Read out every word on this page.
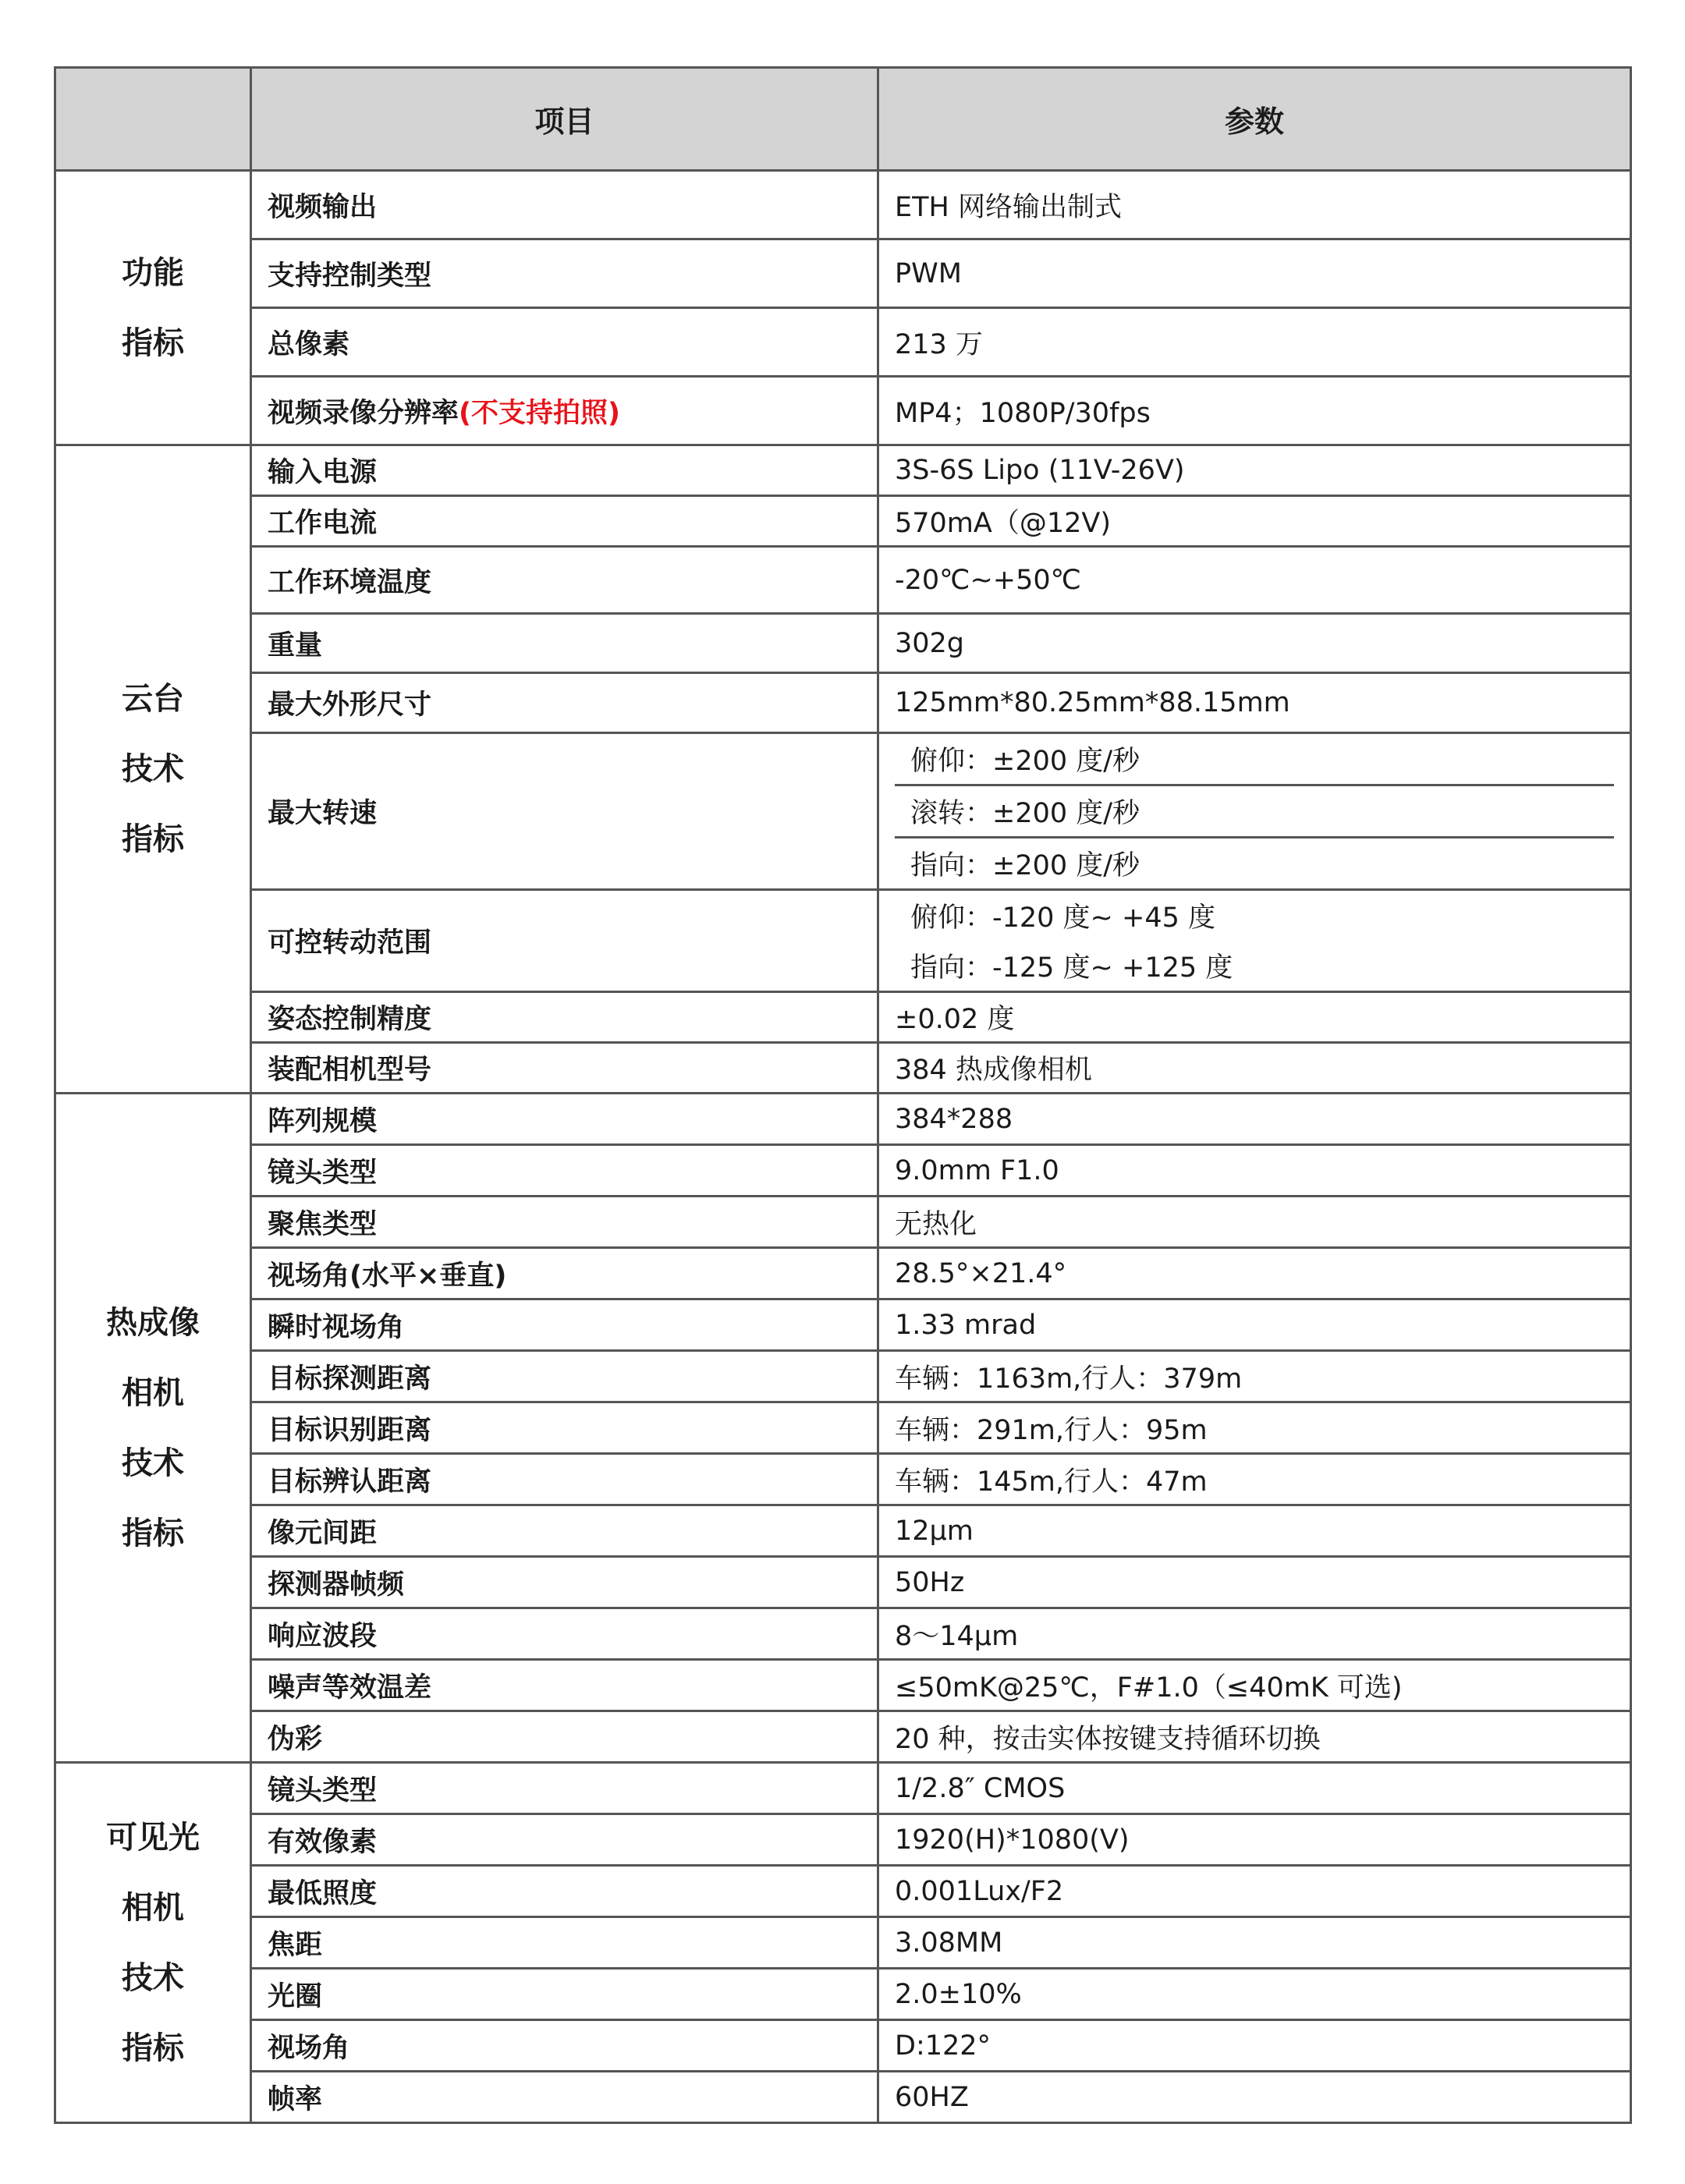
	项目	参数

功能
指标	视频输出	ETH 网络输出制式
	支持控制类型	PWM
	总像素	213 万
	视频录像分辨率(不支持拍照)	MP4；1080P/30fps

云台
技术
指标	输入电源	3S-6S Lipo (11V-26V)
	工作电流	570mA（@12V)
	工作环境温度	-20℃~+50℃
	重量	302g
	最大外形尺寸	125mm*80.25mm*88.15mm
	最大转速	俯仰：±200 度/秒
滚转：±200 度/秒
指向：±200 度/秒

	可控转动范围	俯仰：-120 度~ +45 度
指向：-125 度~ +125 度

	姿态控制精度	±0.02 度
	装配相机型号	384 热成像相机

热成像
相机
技术
指标	阵列规模	384*288
	镜头类型	9.0mm F1.0
	聚焦类型	无热化
	视场角(水平×垂直)	28.5°×21.4°
	瞬时视场角	1.33 mrad
	目标探测距离	车辆：1163m,行人：379m
	目标识别距离	车辆：291m,行人：95m
	目标辨认距离	车辆：145m,行人：47m
	像元间距	12μm
	探测器帧频	50Hz
	响应波段	8～14μm
	噪声等效温差	≤50mK@25℃，F#1.0（≤40mK 可选)
	伪彩	20 种，按击实体按键支持循环切换

可见光
相机
技术
指标	镜头类型	1/2.8″ CMOS
	有效像素	1920(H)*1080(V)
	最低照度	0.001Lux/F2
	焦距	3.08MM
	光圈	2.0±10%
	视场角	D:122°
	帧率	60HZ
